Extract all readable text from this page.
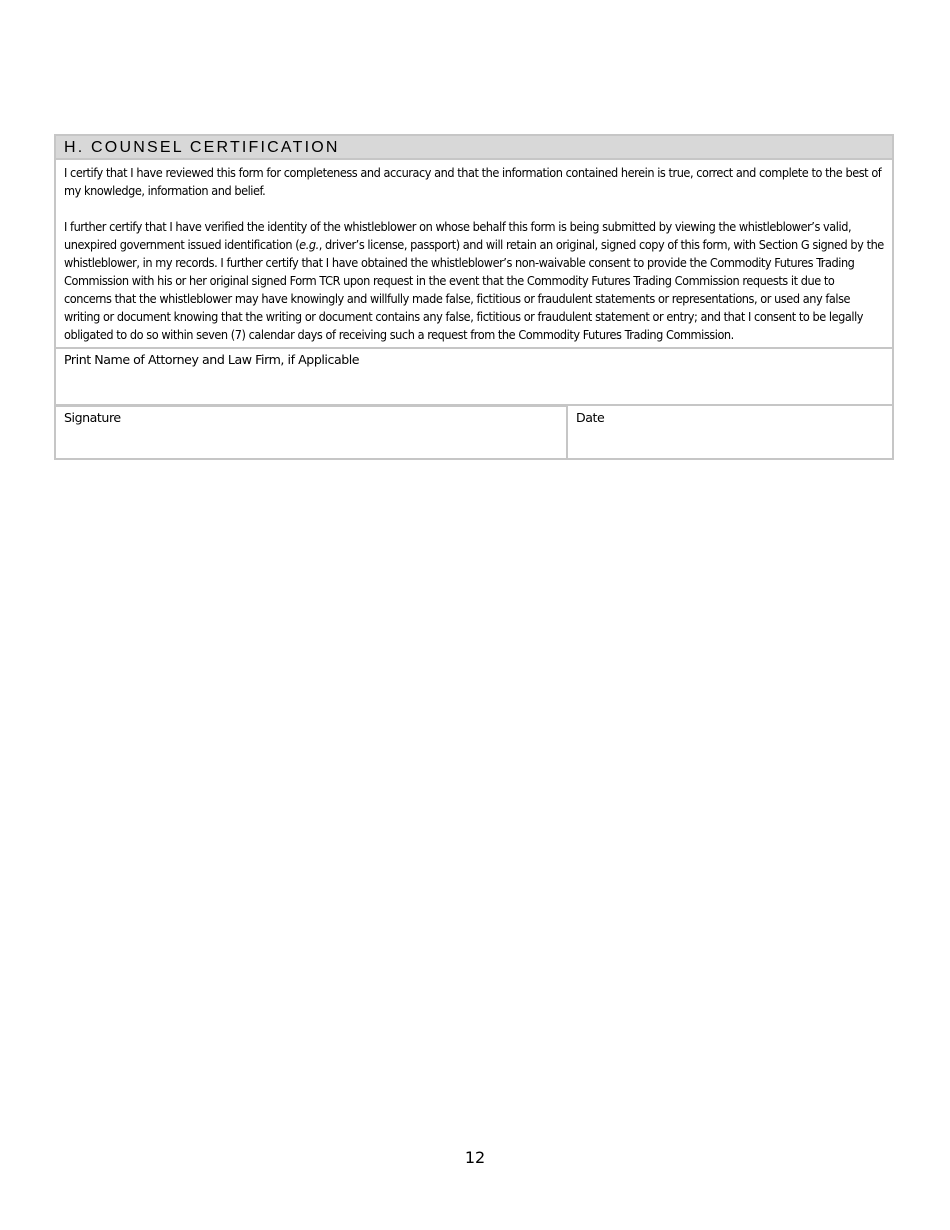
H. COUNSEL CERTIFICATION

I certify that I have reviewed this form for completeness and accuracy and that the information contained herein is true, correct and complete to the best of my knowledge, information and belief.

I further certify that I have verified the identity of the whistleblower on whose behalf this form is being submitted by viewing the whistleblower’s valid, unexpired government issued identification (e.g., driver’s license, passport) and will retain an original, signed copy of this form, with Section G signed by the whistleblower, in my records. I further certify that I have obtained the whistleblower’s non-waivable consent to provide the Commodity Futures Trading Commission with his or her original signed Form TCR upon request in the event that the Commodity Futures Trading Commission requests it due to concerns that the whistleblower may have knowingly and willfully made false, fictitious or fraudulent statements or representations, or used any false writing or document knowing that the writing or document contains any false, fictitious or fraudulent statement or entry; and that I consent to be legally obligated to do so within seven (7) calendar days of receiving such a request from the Commodity Futures Trading Commission.

Print Name of Attorney and Law Firm, if Applicable
Signature	Date
12
